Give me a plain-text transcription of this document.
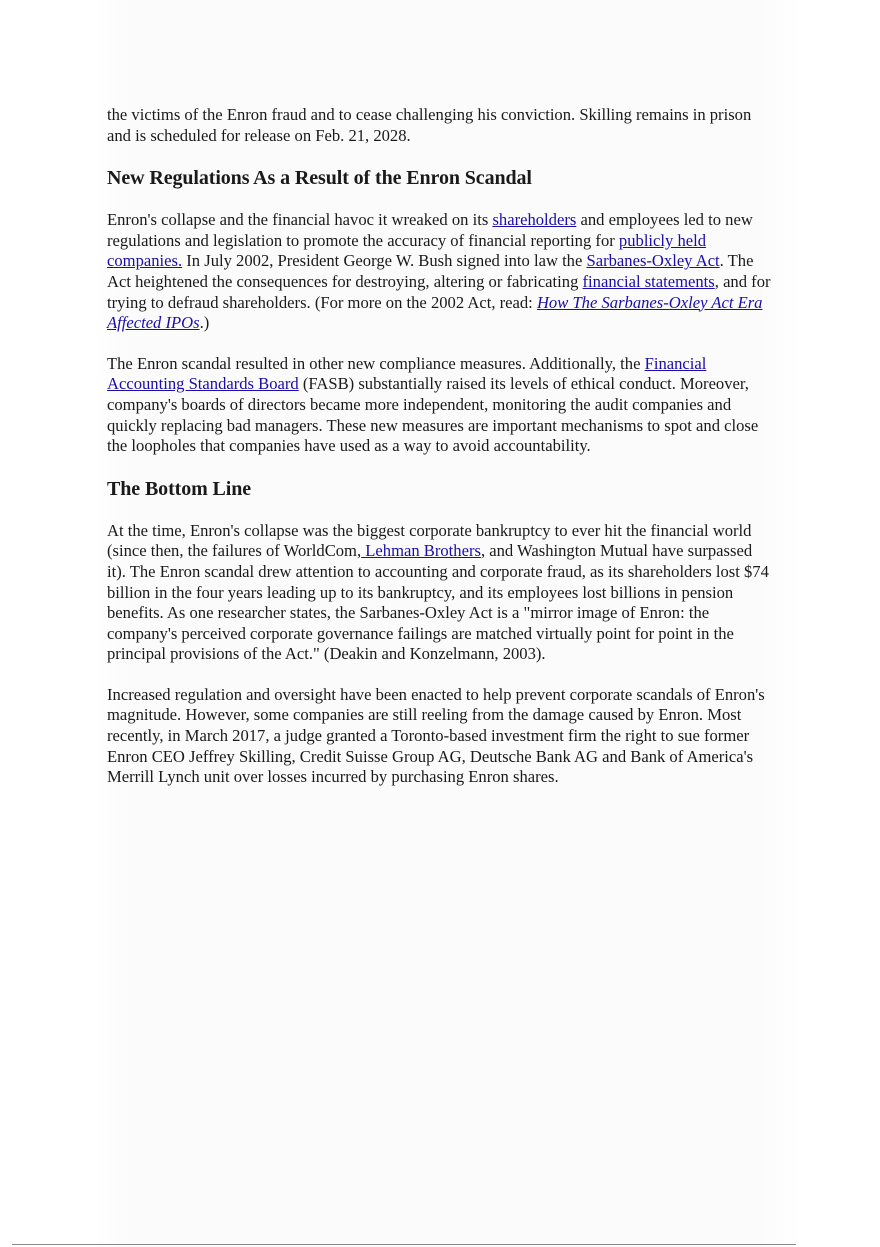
the victims of the Enron fraud and to cease challenging his conviction. Skilling remains in prison and is scheduled for release on Feb. 21, 2028.

New Regulations As a Result of the Enron Scandal

Enron's collapse and the financial havoc it wreaked on its shareholders and employees led to new regulations and legislation to promote the accuracy of financial reporting for publicly held companies. In July 2002, President George W. Bush signed into law the Sarbanes-Oxley Act. The Act heightened the consequences for destroying, altering or fabricating financial statements, and for trying to defraud shareholders. (For more on the 2002 Act, read: How The Sarbanes-Oxley Act Era Affected IPOs.)

The Enron scandal resulted in other new compliance measures. Additionally, the Financial Accounting Standards Board (FASB) substantially raised its levels of ethical conduct. Moreover, company's boards of directors became more independent, monitoring the audit companies and quickly replacing bad managers. These new measures are important mechanisms to spot and close the loopholes that companies have used as a way to avoid accountability.

The Bottom Line

At the time, Enron's collapse was the biggest corporate bankruptcy to ever hit the financial world (since then, the failures of WorldCom, Lehman Brothers, and Washington Mutual have surpassed it). The Enron scandal drew attention to accounting and corporate fraud, as its shareholders lost $74 billion in the four years leading up to its bankruptcy, and its employees lost billions in pension benefits. As one researcher states, the Sarbanes-Oxley Act is a "mirror image of Enron: the company's perceived corporate governance failings are matched virtually point for point in the principal provisions of the Act." (Deakin and Konzelmann, 2003).

Increased regulation and oversight have been enacted to help prevent corporate scandals of Enron's magnitude. However, some companies are still reeling from the damage caused by Enron. Most recently, in March 2017, a judge granted a Toronto-based investment firm the right to sue former Enron CEO Jeffrey Skilling, Credit Suisse Group AG, Deutsche Bank AG and Bank of America's Merrill Lynch unit over losses incurred by purchasing Enron shares.
